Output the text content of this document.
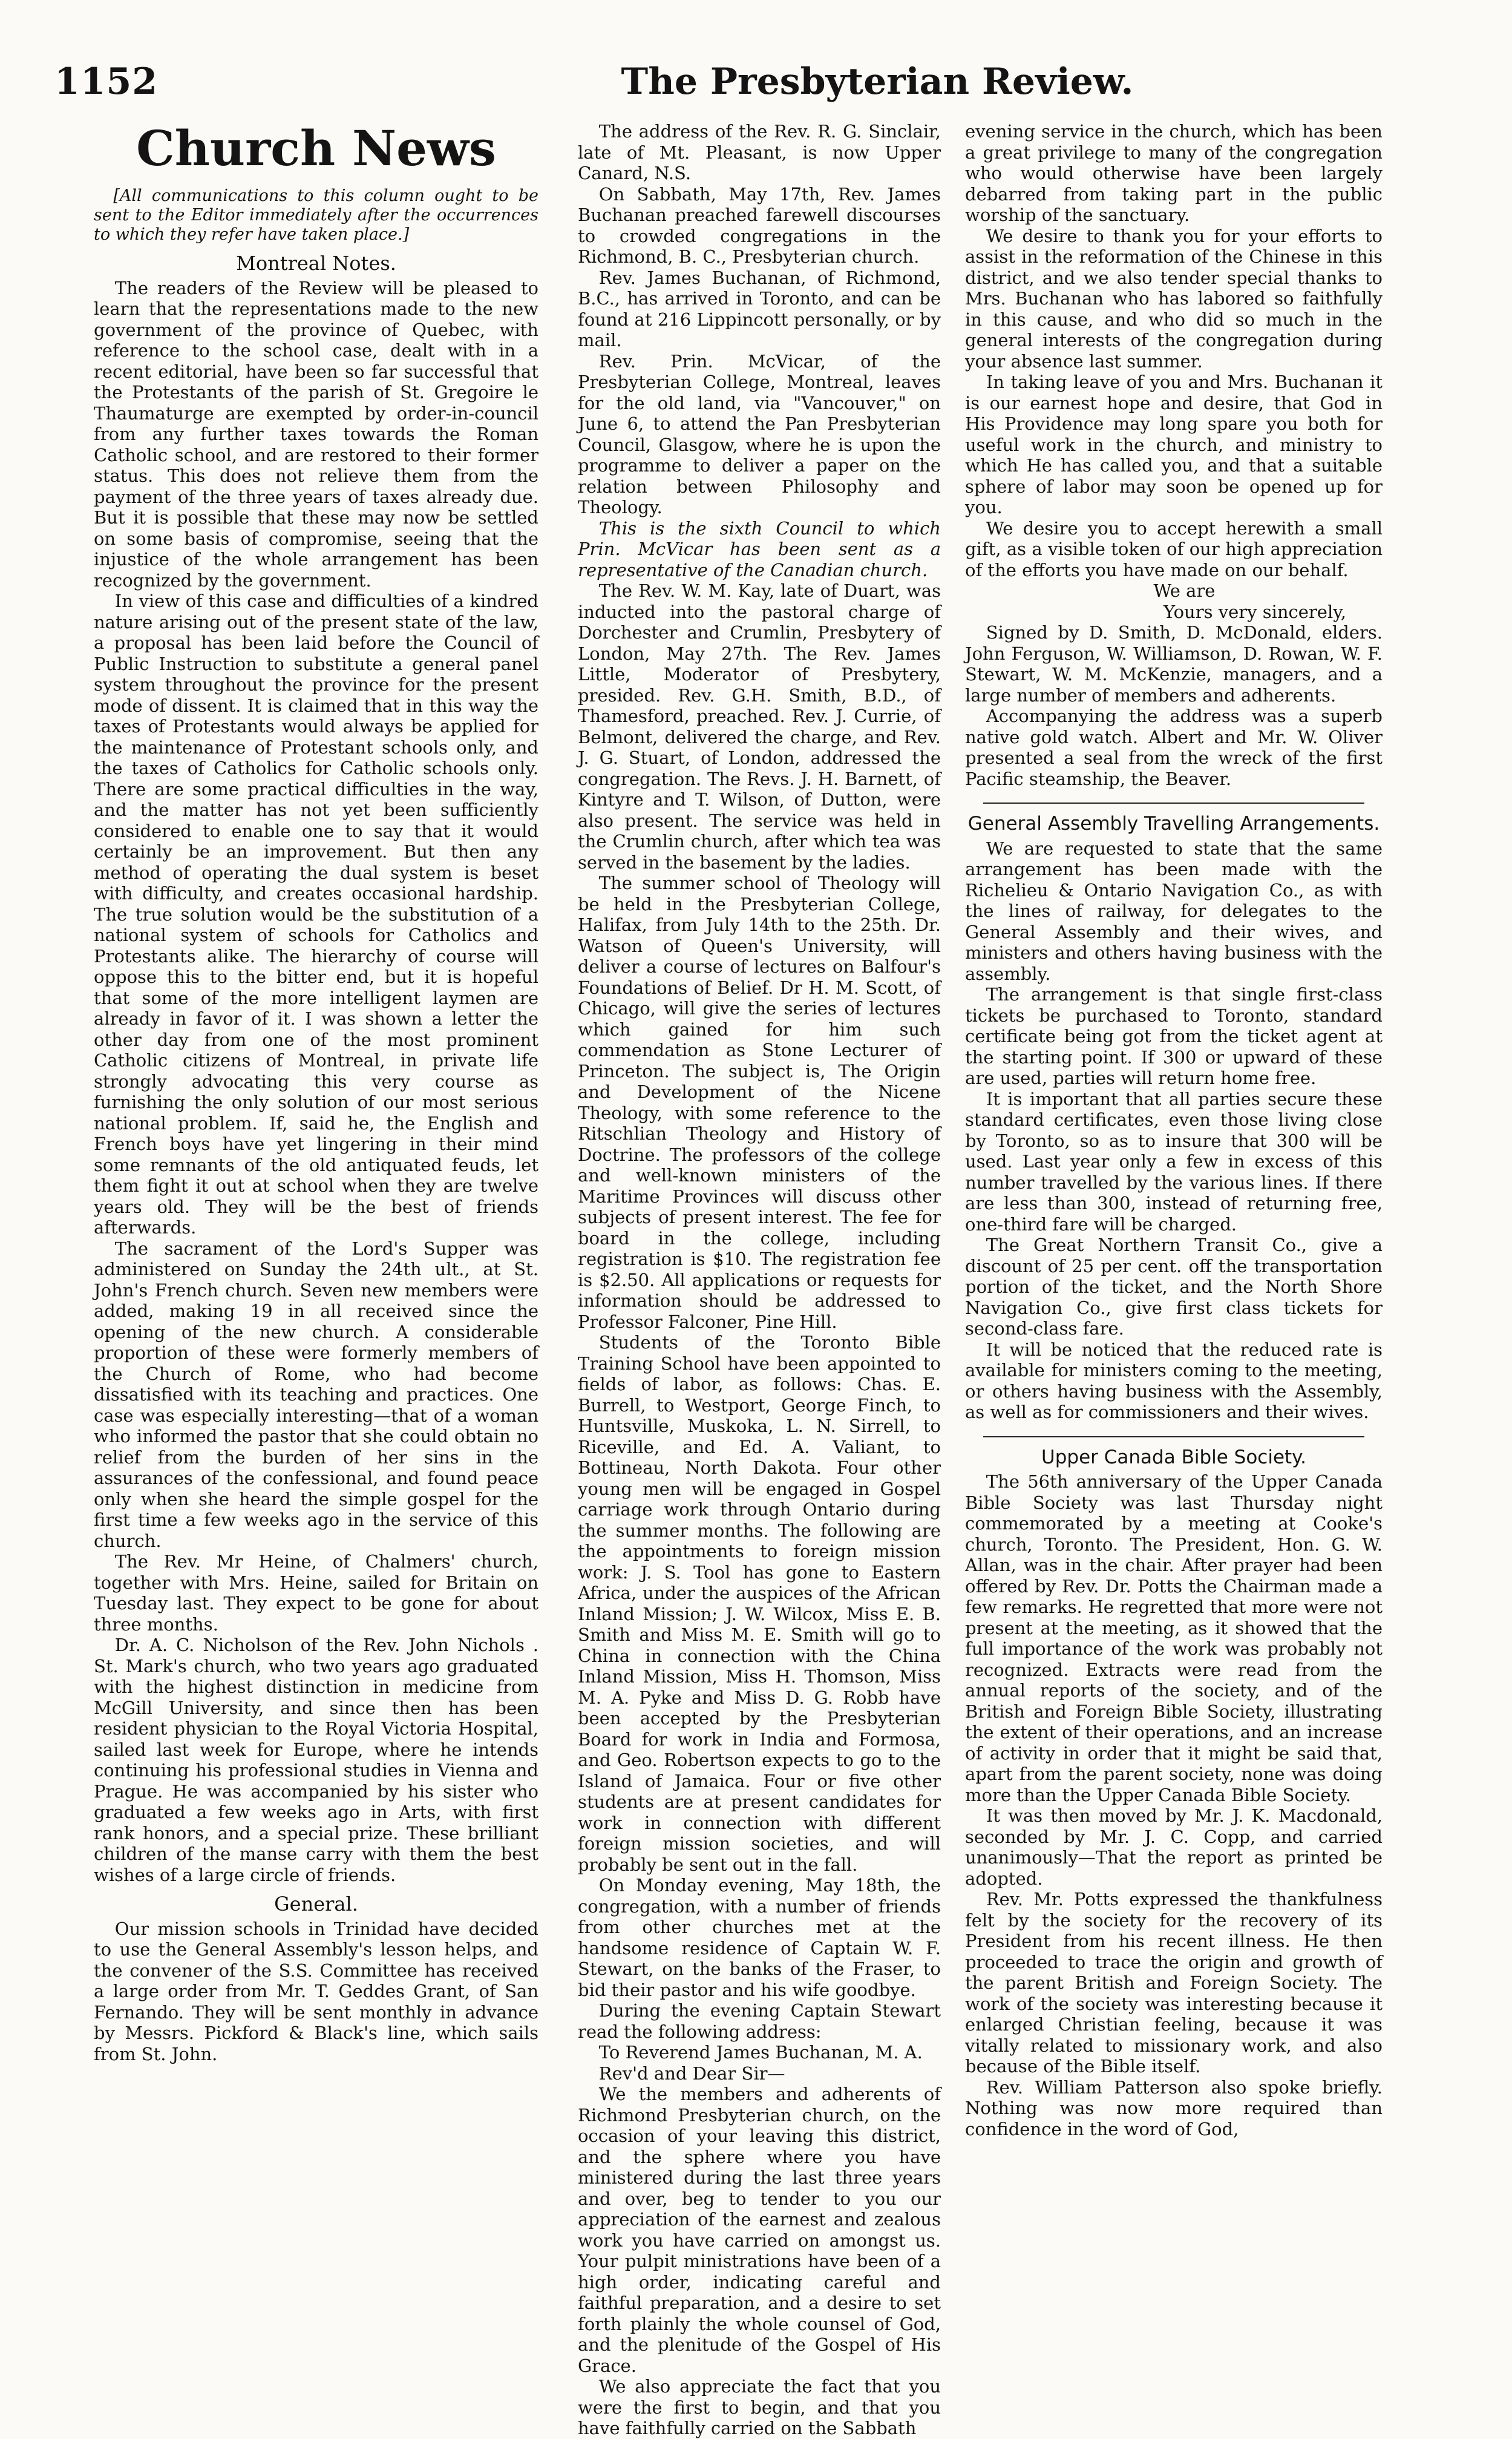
1152	The Presbyterian Review.
Church News

[All communications to this column ought to be sent to the Editor immediately after the occurrences to which they refer have taken place.]

Montreal Notes.

The readers of the Review will be pleased to learn that the representations made to the new government of the province of Quebec, with reference to the school case, dealt with in a recent editorial, have been so far successful that the Protestants of the parish of St. Gregoire le Thaumaturge are exempted by order-in-council from any further taxes towards the Roman Catholic school, and are restored to their former status. This does not relieve them from the payment of the three years of taxes already due. But it is possible that these may now be settled on some basis of compromise, seeing that the injustice of the whole arrangement has been recognized by the government.

In view of this case and difficulties of a kindred nature arising out of the present state of the law, a proposal has been laid before the Council of Public Instruction to substitute a general panel system throughout the province for the present mode of dissent. It is claimed that in this way the taxes of Protestants would always be applied for the maintenance of Protestant schools only, and the taxes of Catholics for Catholic schools only. There are some practical difficulties in the way, and the matter has not yet been sufficiently considered to enable one to say that it would certainly be an improvement. But then any method of operating the dual system is beset with difficulty, and creates occasional hardship. The true solution would be the substitution of a national system of schools for Catholics and Protestants alike. The hierarchy of course will oppose this to the bitter end, but it is hopeful that some of the more intelligent laymen are already in favor of it. I was shown a letter the other day from one of the most prominent Catholic citizens of Montreal, in private life strongly advocating this very course as furnishing the only solution of our most serious national problem. If, said he, the English and French boys have yet lingering in their mind some remnants of the old antiquated feuds, let them fight it out at school when they are twelve years old. They will be the best of friends afterwards.

The sacrament of the Lord's Supper was administered on Sunday the 24th ult., at St. John's French church. Seven new members were added, making 19 in all received since the opening of the new church. A considerable proportion of these were formerly members of the Church of Rome, who had become dissatisfied with its teaching and practices. One case was especially interesting—that of a woman who informed the pastor that she could obtain no relief from the burden of her sins in the assurances of the confessional, and found peace only when she heard the simple gospel for the first time a few weeks ago in the service of this church.

The Rev. Mr Heine, of Chalmers' church, together with Mrs. Heine, sailed for Britain on Tuesday last. They expect to be gone for about three months.

Dr. A. C. Nicholson of the Rev. John Nichols . St. Mark's church, who two years ago graduated with the highest distinction in medicine from McGill University, and since then has been resident physician to the Royal Victoria Hospital, sailed last week for Europe, where he intends continuing his professional studies in Vienna and Prague. He was accompanied by his sister who graduated a few weeks ago in Arts, with first rank honors, and a special prize. These brilliant children of the manse carry with them the best wishes of a large circle of friends.

General.

Our mission schools in Trinidad have decided to use the General Assembly's lesson helps, and the convener of the S.S. Committee has received a large order from Mr. T. Geddes Grant, of San Fernando. They will be sent monthly in advance by Messrs. Pickford & Black's line, which sails from St. John.

The address of the Rev. R. G. Sinclair, late of Mt. Pleasant, is now Upper Canard, N.S.

On Sabbath, May 17th, Rev. James Buchanan preached farewell discourses to crowded congregations in the Richmond, B. C., Presbyterian church.

Rev. James Buchanan, of Richmond, B.C., has arrived in Toronto, and can be found at 216 Lippincott personally, or by mail.

Rev. Prin. McVicar, of the Presbyterian College, Montreal, leaves for the old land, via "Vancouver," on June 6, to attend the Pan Presbyterian Council, Glasgow, where he is upon the programme to deliver a paper on the relation between Philosophy and Theology.

This is the sixth Council to which Prin. McVicar has been sent as a representative of the Canadian church.

The Rev. W. M. Kay, late of Duart, was inducted into the pastoral charge of Dorchester and Crumlin, Presbytery of London, May 27th. The Rev. James Little, Moderator of Presbytery, presided. Rev. G.H. Smith, B.D., of Thamesford, preached. Rev. J. Currie, of Belmont, delivered the charge, and Rev. J. G. Stuart, of London, addressed the congregation. The Revs. J. H. Barnett, of Kintyre and T. Wilson, of Dutton, were also present. The service was held in the Crumlin church, after which tea was served in the basement by the ladies.

The summer school of Theology will be held in the Presbyterian College, Halifax, from July 14th to the 25th. Dr. Watson of Queen's University, will deliver a course of lectures on Balfour's Foundations of Belief. Dr H. M. Scott, of Chicago, will give the series of lectures which gained for him such commendation as Stone Lecturer of Princeton. The subject is, The Origin and Development of the Nicene Theology, with some reference to the Ritschlian Theology and History of Doctrine. The professors of the college and well-known ministers of the Maritime Provinces will discuss other subjects of present interest. The fee for board in the college, including registration is $10. The registration fee is $2.50. All applications or requests for information should be addressed to Professor Falconer, Pine Hill.

Students of the Toronto Bible Training School have been appointed to fields of labor, as follows: Chas. E. Burrell, to Westport, George Finch, to Huntsville, Muskoka, L. N. Sirrell, to Riceville, and Ed. A. Valiant, to Bottineau, North Dakota. Four other young men will be engaged in Gospel carriage work through Ontario during the summer months. The following are the appointments to foreign mission work: J. S. Tool has gone to Eastern Africa, under the auspices of the African Inland Mission; J. W. Wilcox, Miss E. B. Smith and Miss M. E. Smith will go to China in connection with the China Inland Mission, Miss H. Thomson, Miss M. A. Pyke and Miss D. G. Robb have been accepted by the Presbyterian Board for work in India and Formosa, and Geo. Robertson expects to go to the Island of Jamaica. Four or five other students are at present candidates for work in connection with different foreign mission societies, and will probably be sent out in the fall.

On Monday evening, May 18th, the congregation, with a number of friends from other churches met at the handsome residence of Captain W. F. Stewart, on the banks of the Fraser, to bid their pastor and his wife goodbye.

During the evening Captain Stewart read the following address:

To Reverend James Buchanan, M. A.

Rev'd and Dear Sir—

We the members and adherents of Richmond Presbyterian church, on the occasion of your leaving this district, and the sphere where you have ministered during the last three years and over, beg to tender to you our appreciation of the earnest and zealous work you have carried on amongst us. Your pulpit ministrations have been of a high order, indicating careful and faithful preparation, and a desire to set forth plainly the whole counsel of God, and the plenitude of the Gospel of His Grace.

We also appreciate the fact that you were the first to begin, and that you have faithfully carried on the Sabbath

evening service in the church, which has been a great privilege to many of the congregation who would otherwise have been largely debarred from taking part in the public worship of the sanctuary.

We desire to thank you for your efforts to assist in the reformation of the Chinese in this district, and we also tender special thanks to Mrs. Buchanan who has labored so faithfully in this cause, and who did so much in the general interests of the congregation during your absence last summer.

In taking leave of you and Mrs. Buchanan it is our earnest hope and desire, that God in His Providence may long spare you both for useful work in the church, and ministry to which He has called you, and that a suitable sphere of labor may soon be opened up for you.

We desire you to accept herewith a small gift, as a visible token of our high appreciation of the efforts you have made on our behalf.

We are

Yours very sincerely,

Signed by D. Smith, D. McDonald, elders. John Ferguson, W. Williamson, D. Rowan, W. F. Stewart, W. M. McKenzie, managers, and a large number of members and adherents.

Accompanying the address was a superb native gold watch. Albert and Mr. W. Oliver presented a seal from the wreck of the first Pacific steamship, the Beaver.

General Assembly Travelling Arrangements.

We are requested to state that the same arrangement has been made with the Richelieu & Ontario Navigation Co., as with the lines of railway, for delegates to the General Assembly and their wives, and ministers and others having business with the assembly.

The arrangement is that single first-class tickets be purchased to Toronto, standard certificate being got from the ticket agent at the starting point. If 300 or upward of these are used, parties will return home free.

It is important that all parties secure these standard certificates, even those living close by Toronto, so as to insure that 300 will be used. Last year only a few in excess of this number travelled by the various lines. If there are less than 300, instead of returning free, one-third fare will be charged.

The Great Northern Transit Co., give a discount of 25 per cent. off the transportation portion of the ticket, and the North Shore Navigation Co., give first class tickets for second-class fare.

It will be noticed that the reduced rate is available for ministers coming to the meeting, or others having business with the Assembly, as well as for commissioners and their wives.

Upper Canada Bible Society.

The 56th anniversary of the Upper Canada Bible Society was last Thursday night commemorated by a meeting at Cooke's church, Toronto. The President, Hon. G. W. Allan, was in the chair. After prayer had been offered by Rev. Dr. Potts the Chairman made a few remarks. He regretted that more were not present at the meeting, as it showed that the full importance of the work was probably not recognized. Extracts were read from the annual reports of the society, and of the British and Foreign Bible Society, illustrating the extent of their operations, and an increase of activity in order that it might be said that, apart from the parent society, none was doing more than the Upper Canada Bible Society.

It was then moved by Mr. J. K. Macdonald, seconded by Mr. J. C. Copp, and carried unanimously—That the report as printed be adopted.

Rev. Mr. Potts expressed the thankfulness felt by the society for the recovery of its President from his recent illness. He then proceeded to trace the origin and growth of the parent British and Foreign Society. The work of the society was interesting because it enlarged Christian feeling, because it was vitally related to missionary work, and also because of the Bible itself.

Rev. William Patterson also spoke briefly. Nothing was now more required than confidence in the word of God,
